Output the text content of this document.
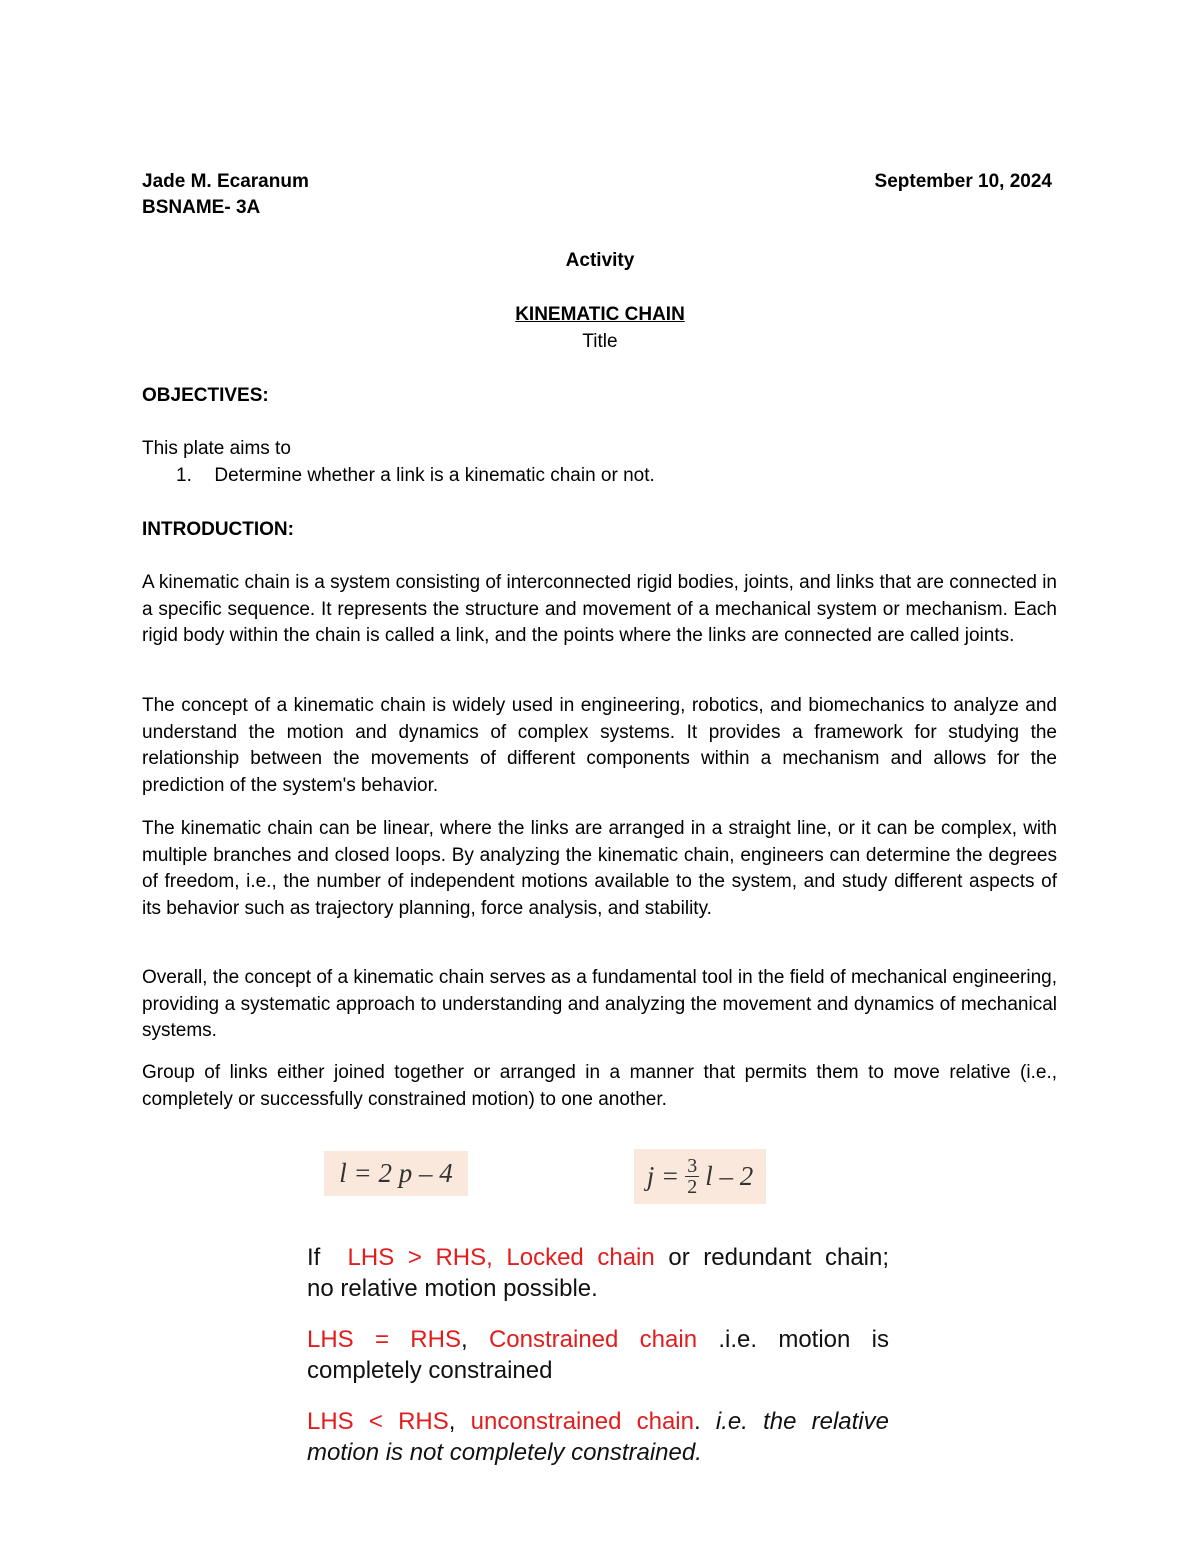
Jade M. Ecaranum
BSNAME- 3A
September 10, 2024
Activity
KINEMATIC CHAIN
Title
OBJECTIVES:
This plate aims to
1. Determine whether a link is a kinematic chain or not.
INTRODUCTION:
A kinematic chain is a system consisting of interconnected rigid bodies, joints, and links that are connected in a specific sequence. It represents the structure and movement of a mechanical system or mechanism. Each rigid body within the chain is called a link, and the points where the links are connected are called joints.
The concept of a kinematic chain is widely used in engineering, robotics, and biomechanics to analyze and understand the motion and dynamics of complex systems. It provides a framework for studying the relationship between the movements of different components within a mechanism and allows for the prediction of the system's behavior.
The kinematic chain can be linear, where the links are arranged in a straight line, or it can be complex, with multiple branches and closed loops. By analyzing the kinematic chain, engineers can determine the degrees of freedom, i.e., the number of independent motions available to the system, and study different aspects of its behavior such as trajectory planning, force analysis, and stability.
Overall, the concept of a kinematic chain serves as a fundamental tool in the field of mechanical engineering, providing a systematic approach to understanding and analyzing the movement and dynamics of mechanical systems.
Group of links either joined together or arranged in a manner that permits them to move relative (i.e., completely or successfully constrained motion) to one another.
l = 2 p – 4	$j = \frac{3}{2}$ l – 2
If  LHS > RHS, Locked chain or redundant chain;
no relative motion possible.
LHS = RHS, Constrained chain .i.e. motion is
completely constrained
LHS < RHS, unconstrained chain. i.e. the relative
motion is not completely constrained.
